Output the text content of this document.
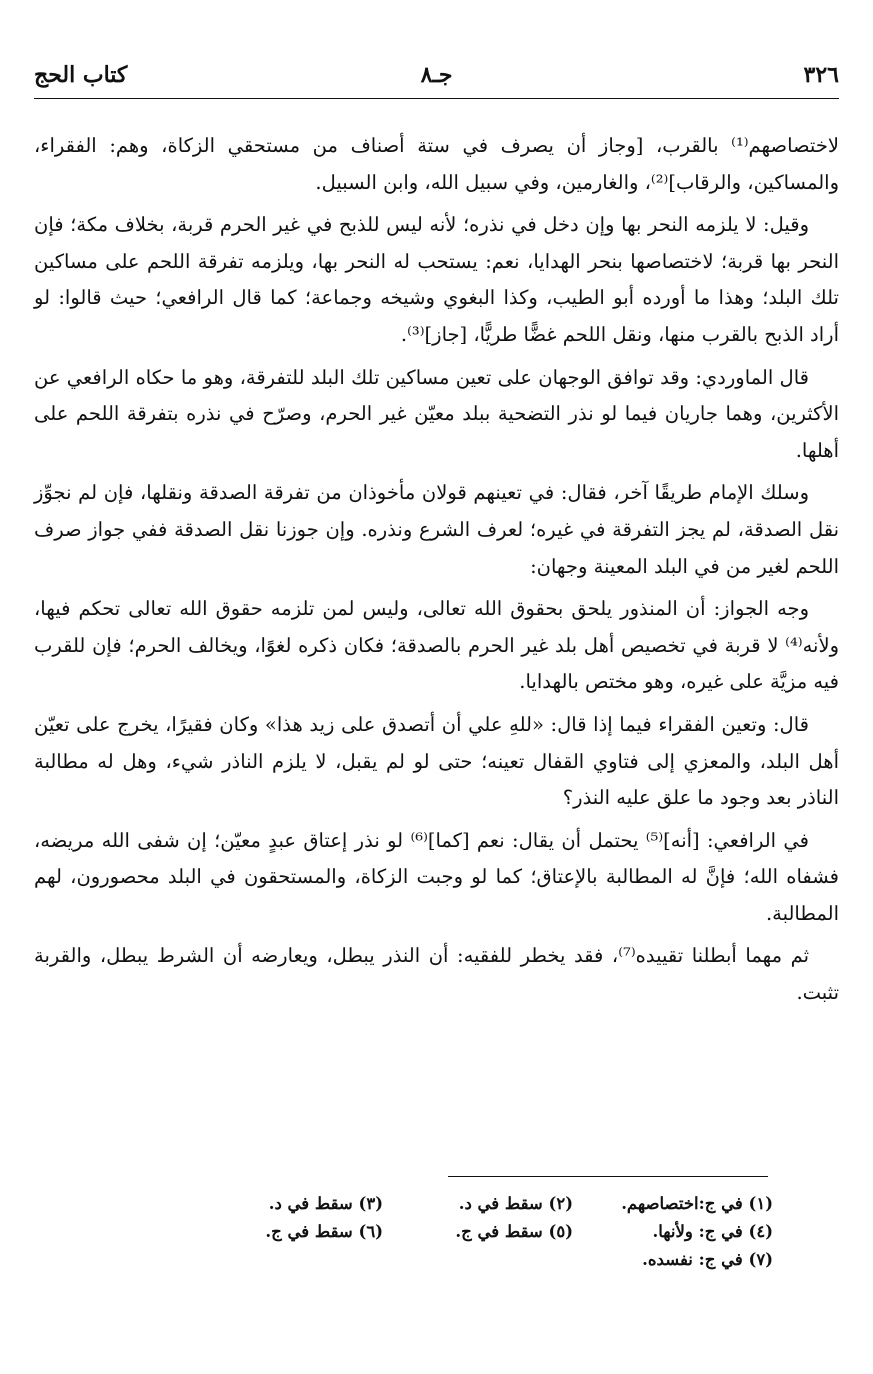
٣٢٦
جـ٨
كتاب الحج

لاختصاصهم⁽¹⁾ بالقرب، [وجاز أن يصرف في ستة أصناف من مستحقي الزكاة، وهم: الفقراء، والمساكين، والرقاب]⁽²⁾، والغارمين، وفي سبيل الله، وابن السبيل.

وقيل: لا يلزمه النحر بها وإن دخل في نذره؛ لأنه ليس للذبح في غير الحرم قربة، بخلاف مكة؛ فإن النحر بها قربة؛ لاختصاصها بنحر الهدايا، نعم: يستحب له النحر بها، ويلزمه تفرقة اللحم على مساكين تلك البلد؛ وهذا ما أورده أبو الطيب، وكذا البغوي وشيخه وجماعة؛ كما قال الرافعي؛ حيث قالوا: لو أراد الذبح بالقرب منها، ونقل اللحم غضًّا طريًّا، [جاز]⁽³⁾.

قال الماوردي: وقد توافق الوجهان على تعين مساكين تلك البلد للتفرقة، وهو ما حكاه الرافعي عن الأكثرين، وهما جاريان فيما لو نذر التضحية ببلد معيّن غير الحرم، وصرّح في نذره بتفرقة اللحم على أهلها.

وسلك الإمام طريقًا آخر، فقال: في تعينهم قولان مأخوذان من تفرقة الصدقة ونقلها، فإن لم نجوِّز نقل الصدقة، لم يجز التفرقة في غيره؛ لعرف الشرع ونذره. وإن جوزنا نقل الصدقة ففي جواز صرف اللحم لغير من في البلد المعينة وجهان:

وجه الجواز: أن المنذور يلحق بحقوق الله تعالى، وليس لمن تلزمه حقوق الله تعالى تحكم فيها، ولأنه⁽⁴⁾ لا قربة في تخصيص أهل بلد غير الحرم بالصدقة؛ فكان ذكره لغوًا، ويخالف الحرم؛ فإن للقرب فيه مزيَّة على غيره، وهو مختص بالهدايا.

قال: وتعين الفقراء فيما إذا قال: «للهِ علي أن أتصدق على زيد هذا» وكان فقيرًا، يخرج على تعيّن أهل البلد، والمعزي إلى فتاوي القفال تعينه؛ حتى لو لم يقبل، لا يلزم الناذر شيء، وهل له مطالبة الناذر بعد وجود ما علق عليه النذر؟

في الرافعي: [أنه]⁽⁵⁾ يحتمل أن يقال: نعم [كما]⁽⁶⁾ لو نذر إعتاق عبدٍ معيّن؛ إن شفى الله مريضه، فشفاه الله؛ فإنَّ له المطالبة بالإعتاق؛ كما لو وجبت الزكاة، والمستحقون في البلد محصورون، لهم المطالبة.

ثم مهما أبطلنا تقييده⁽⁷⁾، فقد يخطر للفقيه: أن النذر يبطل، ويعارضه أن الشرط يبطل، والقربة تثبت.

(١) في ج:اختصاصهم.
(٢) سقط في د.
(٣) سقط في د.
(٤) في ج: ولأنها.
(٥) سقط في ج.
(٦) سقط في ج.
(٧) في ج: نفسده.
